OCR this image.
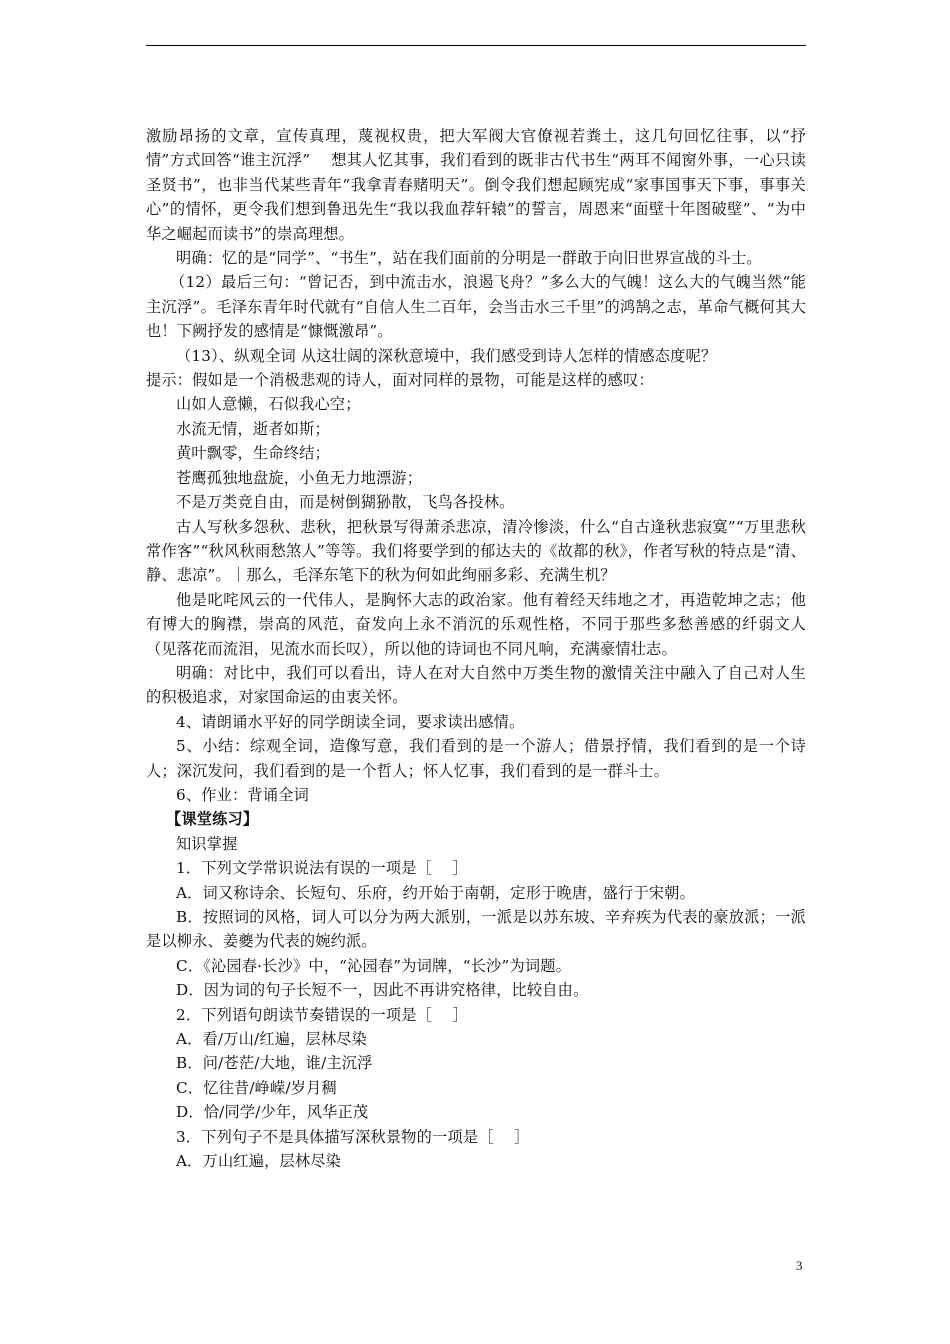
激励昂扬的文章，宣传真理，蔑视权贵，把大军阀大官僚视若粪土，这几句回忆往事，以“抒情”方式回答“谁主沉浮”　 想其人忆其事，我们看到的既非古代书生“两耳不闻窗外事，一心只读圣贤书”，也非当代某些青年“我拿青春赌明天”。倒令我们想起顾宪成“家事国事天下事，事事关心”的情怀，更令我们想到鲁迅先生“我以我血荐轩辕”的誓言，周恩来“面壁十年图破壁”、“为中华之崛起而读书”的崇高理想。

明确：忆的是“同学”、“书生”，站在我们面前的分明是一群敢于向旧世界宣战的斗士。

（12）最后三句：“曾记否，到中流击水，浪遏飞舟？”多么大的气魄！这么大的气魄当然“能主沉浮”。毛泽东青年时代就有“自信人生二百年，会当击水三千里”的鸿鹄之志，革命气概何其大也！下阙抒发的感情是“慷慨激昂”。

（13）、纵观全词 从这壮阔的深秋意境中，我们感受到诗人怎样的情感态度呢？

提示：假如是一个消极悲观的诗人，面对同样的景物，可能是这样的感叹：

山如人意懒，石似我心空；

水流无情，逝者如斯；

黄叶飘零，生命终结；

苍鹰孤独地盘旋，小鱼无力地漂游；

不是万类竞自由，而是树倒猢狲散，飞鸟各投林。

古人写秋多怨秋、悲秋，把秋景写得萧杀悲凉，清冷惨淡，什么“自古逢秋悲寂寞”“万里悲秋常作客”“秋风秋雨愁煞人”等等。我们将要学到的郁达夫的《故都的秋》，作者写秋的特点是“清、静、悲凉”。｜那么，毛泽东笔下的秋为何如此绚丽多彩、充满生机？

他是叱咤风云的一代伟人，是胸怀大志的政治家。他有着经天纬地之才，再造乾坤之志；他有博大的胸襟，崇高的风范，奋发向上永不消沉的乐观性格，不同于那些多愁善感的纤弱文人（见落花而流泪，见流水而长叹），所以他的诗词也不同凡响，充满豪情壮志。

明确：对比中，我们可以看出，诗人在对大自然中万类生物的激情关注中融入了自己对人生的积极追求，对家国命运的由衷关怀。

4、请朗诵水平好的同学朗读全词，要求读出感情。

5、小结：综观全词，造像写意，我们看到的是一个游人；借景抒情，我们看到的是一个诗人；深沉发问，我们看到的是一个哲人；怀人忆事，我们看到的是一群斗士。

6、作业：背诵全词

【课堂练习】

知识掌握

1．下列文学常识说法有误的一项是［　 ］

A．词又称诗余、长短句、乐府，约开始于南朝，定形于晚唐，盛行于宋朝。

B．按照词的风格，词人可以分为两大派别，一派是以苏东坡、辛弃疾为代表的豪放派；一派是以柳永、姜夔为代表的婉约派。

C．《沁园春·长沙》中，“沁园春”为词牌，“长沙”为词题。

D．因为词的句子长短不一，因此不再讲究格律，比较自由。

2．下列语句朗读节奏错误的一项是［　 ］

A．看/万山/红遍，层林尽染

B．问/苍茫/大地，谁/主沉浮

C．忆往昔/峥嵘/岁月稠

D．恰/同学/少年，风华正茂

3．下列句子不是具体描写深秋景物的一项是［　 ］

A．万山红遍，层林尽染

3
